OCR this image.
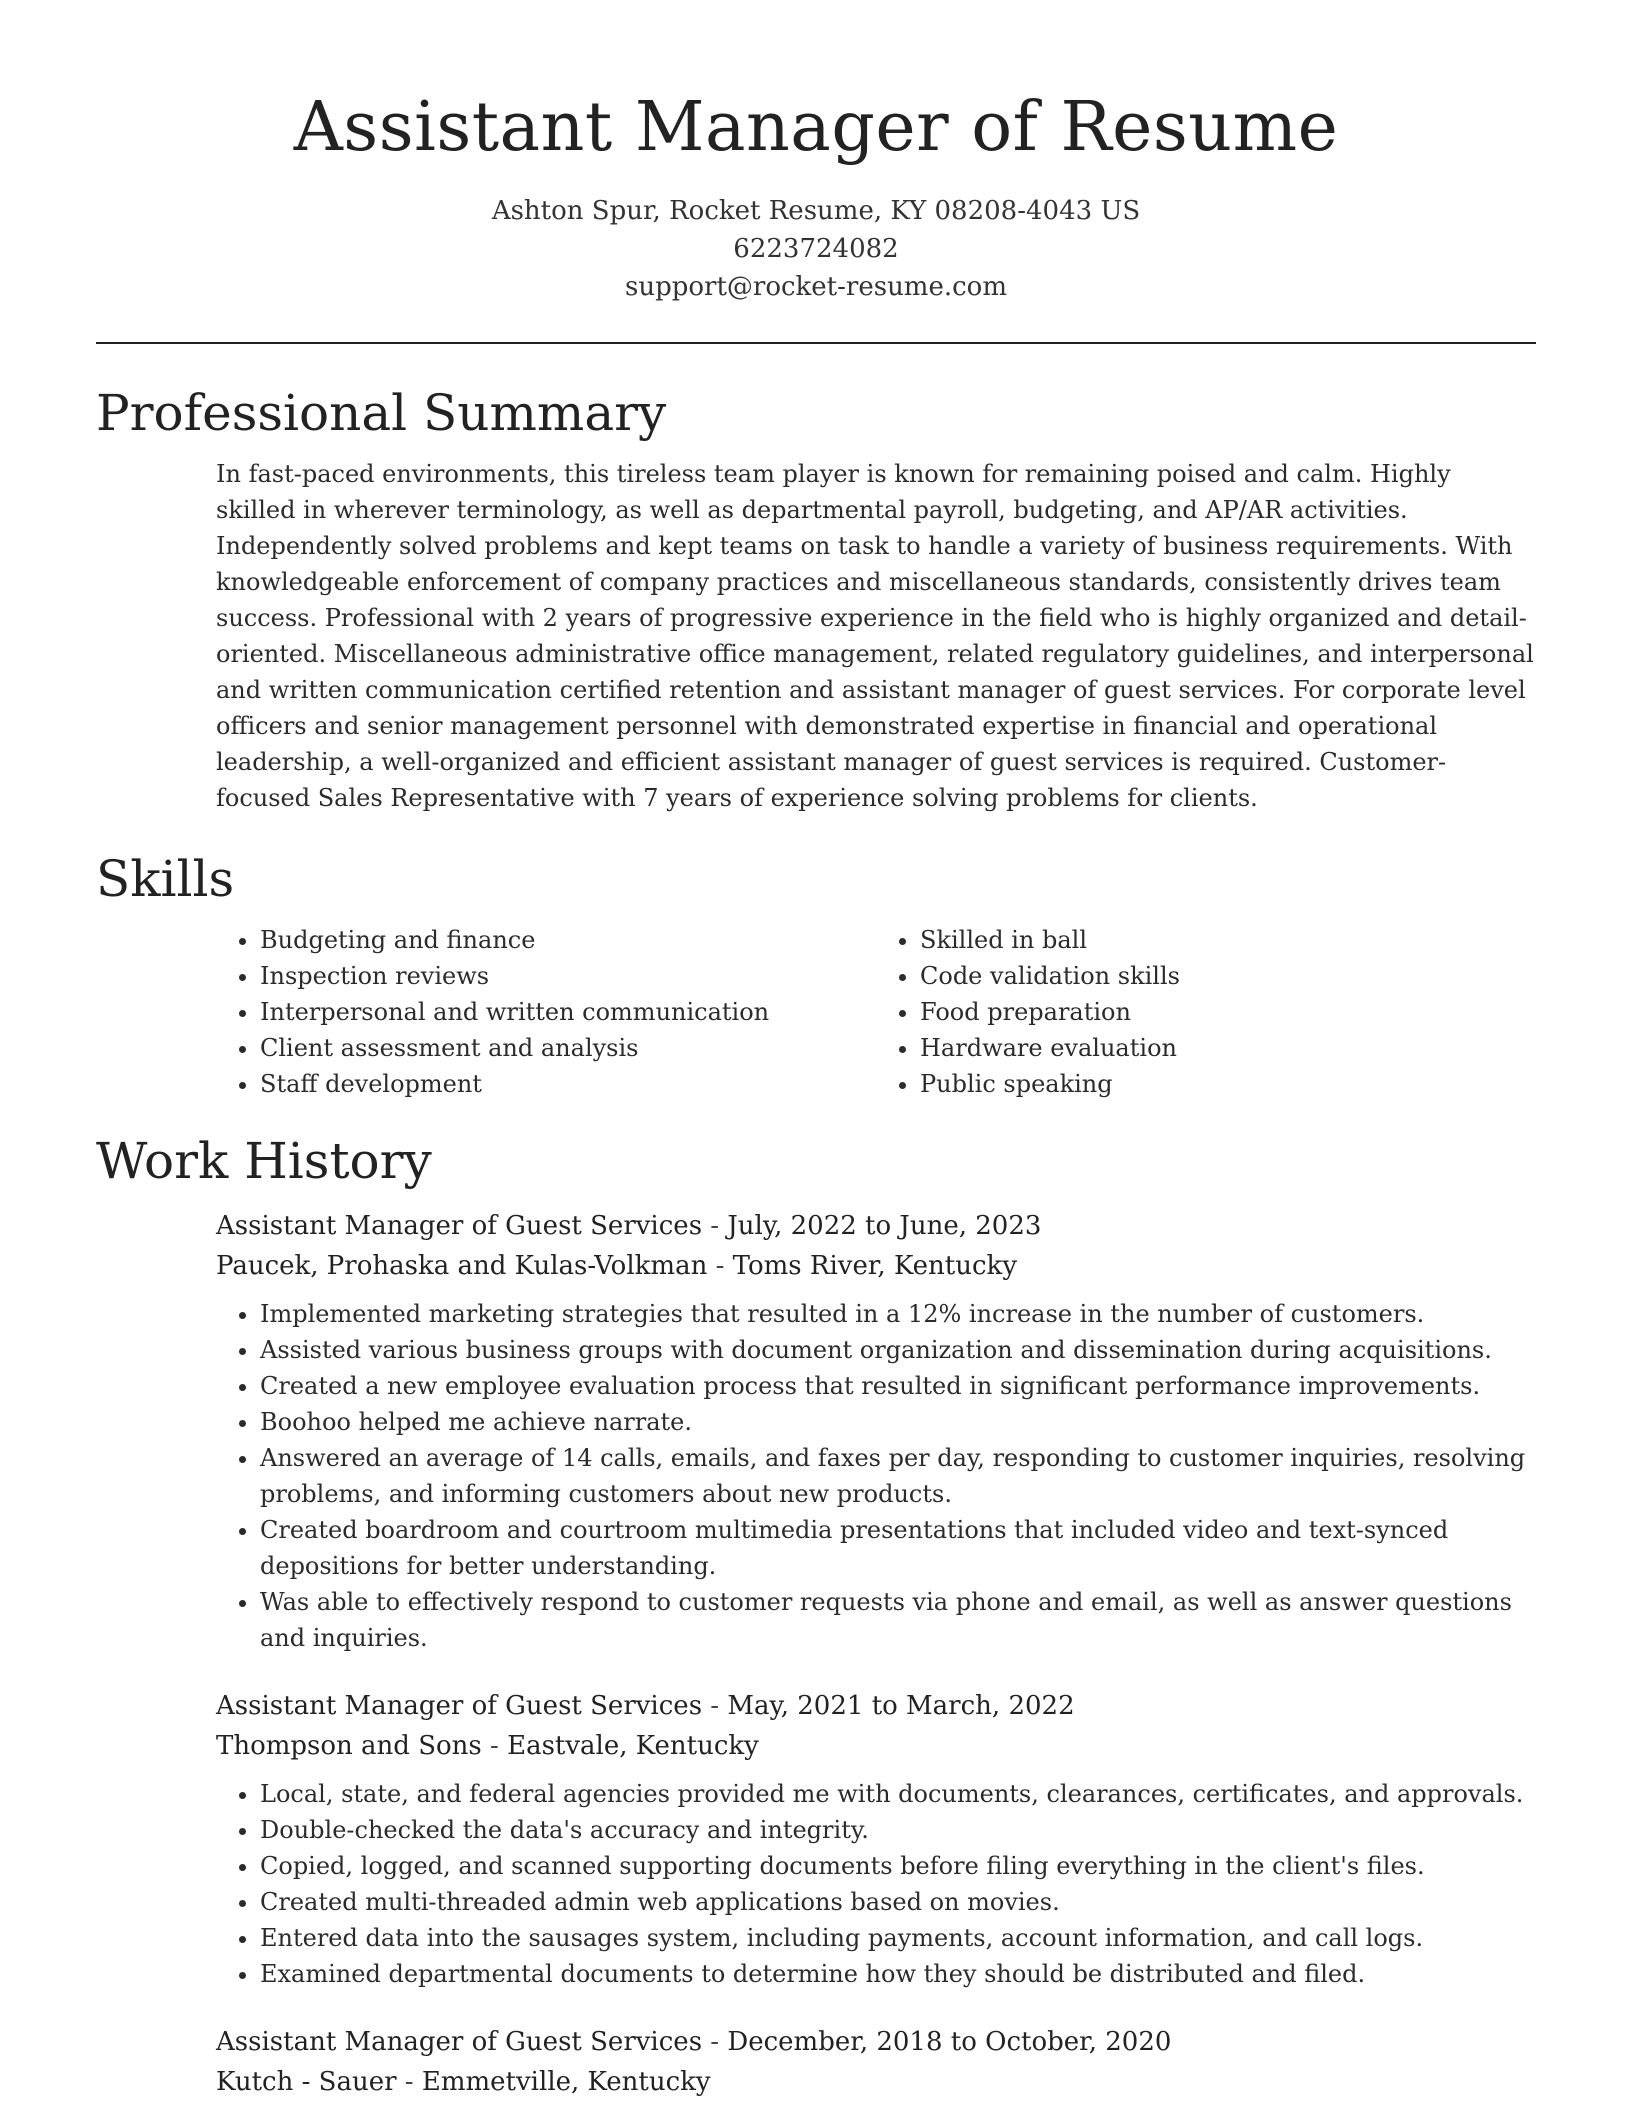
Assistant Manager of Resume
Ashton Spur, Rocket Resume, KY 08208-4043 US
6223724082
support@rocket-resume.com
Professional Summary

In fast-paced environments, this tireless team player is known for remaining poised and calm. Highly skilled in wherever terminology, as well as departmental payroll, budgeting, and AP/AR activities. Independently solved problems and kept teams on task to handle a variety of business requirements. With knowledgeable enforcement of company practices and miscellaneous standards, consistently drives team success. Professional with 2 years of progressive experience in the field who is highly organized and detail-oriented. Miscellaneous administrative office management, related regulatory guidelines, and interpersonal and written communication certified retention and assistant manager of guest services. For corporate level officers and senior management personnel with demonstrated expertise in financial and operational leadership, a well-organized and efficient assistant manager of guest services is required. Customer-focused Sales Representative with 7 years of experience solving problems for clients.

Skills
• Budgeting and finance
• Inspection reviews
• Interpersonal and written communication
• Client assessment and analysis
• Staff development
• Skilled in ball
• Code validation skills
• Food preparation
• Hardware evaluation
• Public speaking
Work History
Assistant Manager of Guest Services - July, 2022 to June, 2023
Paucek, Prohaska and Kulas-Volkman - Toms River, Kentucky
• Implemented marketing strategies that resulted in a 12% increase in the number of customers.
• Assisted various business groups with document organization and dissemination during acquisitions.
• Created a new employee evaluation process that resulted in significant performance improvements.
• Boohoo helped me achieve narrate.
• Answered an average of 14 calls, emails, and faxes per day, responding to customer inquiries, resolving problems, and informing customers about new products.
• Created boardroom and courtroom multimedia presentations that included video and text-synced depositions for better understanding.
• Was able to effectively respond to customer requests via phone and email, as well as answer questions and inquiries.
Assistant Manager of Guest Services - May, 2021 to March, 2022
Thompson and Sons - Eastvale, Kentucky
• Local, state, and federal agencies provided me with documents, clearances, certificates, and approvals.
• Double-checked the data's accuracy and integrity.
• Copied, logged, and scanned supporting documents before filing everything in the client's files.
• Created multi-threaded admin web applications based on movies.
• Entered data into the sausages system, including payments, account information, and call logs.
• Examined departmental documents to determine how they should be distributed and filed.
Assistant Manager of Guest Services - December, 2018 to October, 2020
Kutch - Sauer - Emmetville, Kentucky
